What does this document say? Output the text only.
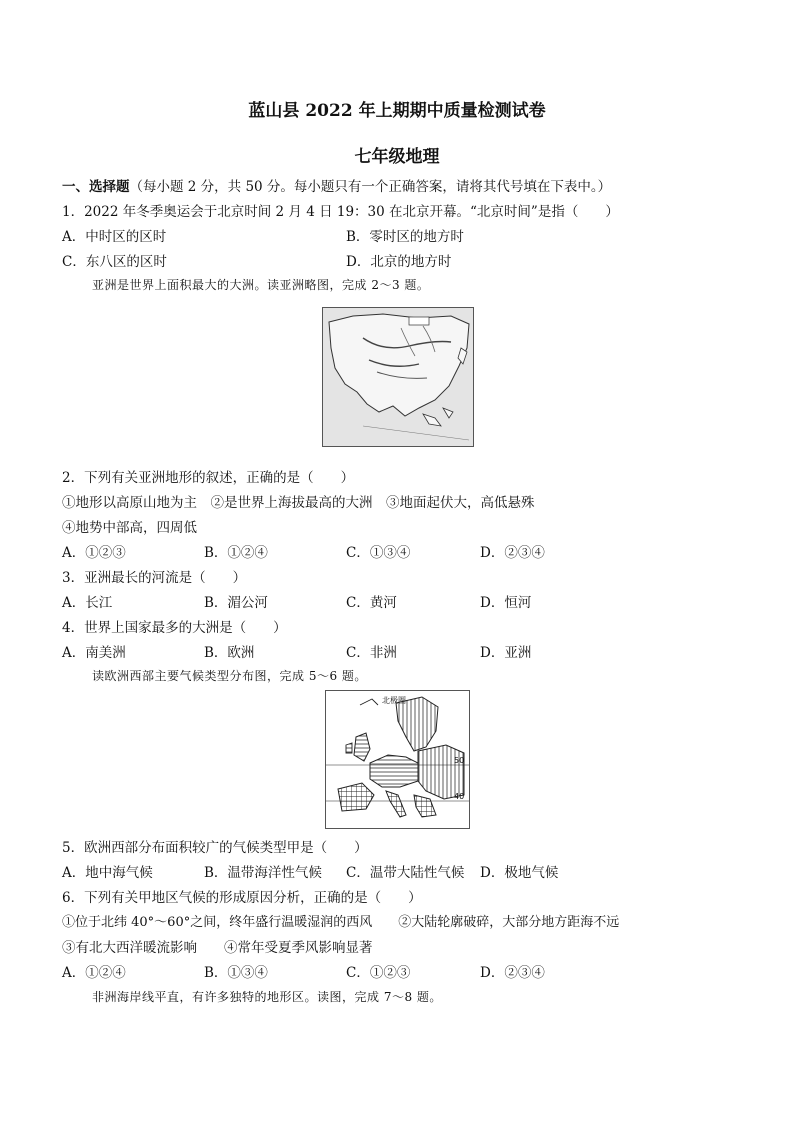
蓝山县 2022 年上期期中质量检测试卷
七年级地理
一、选择题（每小题 2 分，共 50 分。每小题只有一个正确答案，请将其代号填在下表中。）
1．2022 年冬季奥运会于北京时间 2 月 4 日 19：30 在北京开幕。“北京时间”是指（　　）
A．中时区的区时	B．零时区的地方时
C．东八区的区时	D．北京的地方时
亚洲是世界上面积最大的大洲。读亚洲略图，完成 2～3 题。
2．下列有关亚洲地形的叙述，正确的是（　　）
①地形以高原山地为主　②是世界上海拔最高的大洲　③地面起伏大，高低悬殊
④地势中部高，四周低
A．①②③	B．①②④	C．①③④	D．②③④
3．亚洲最长的河流是（　　）
A．长江	B．湄公河	C．黄河	D．恒河
4．世界上国家最多的大洲是（　　）
A．南美洲	B．欧洲	C．非洲	D．亚洲
读欧洲西部主要气候类型分布图，完成 5～6 题。
北极圈
50
40
5．欧洲西部分布面积较广的气候类型甲是（　　）
A．地中海气候	B．温带海洋性气候 C．温带大陆性气候 D．极地气候
6．下列有关甲地区气候的形成原因分析，正确的是（　　）
①位于北纬 40°～60°之间，终年盛行温暖湿润的西风　　②大陆轮廓破碎，大部分地方距海不远
③有北大西洋暖流影响　　④常年受夏季风影响显著
A．①②④	B．①③④	C．①②③	D．②③④
非洲海岸线平直，有许多独特的地形区。读图，完成 7～8 题。
